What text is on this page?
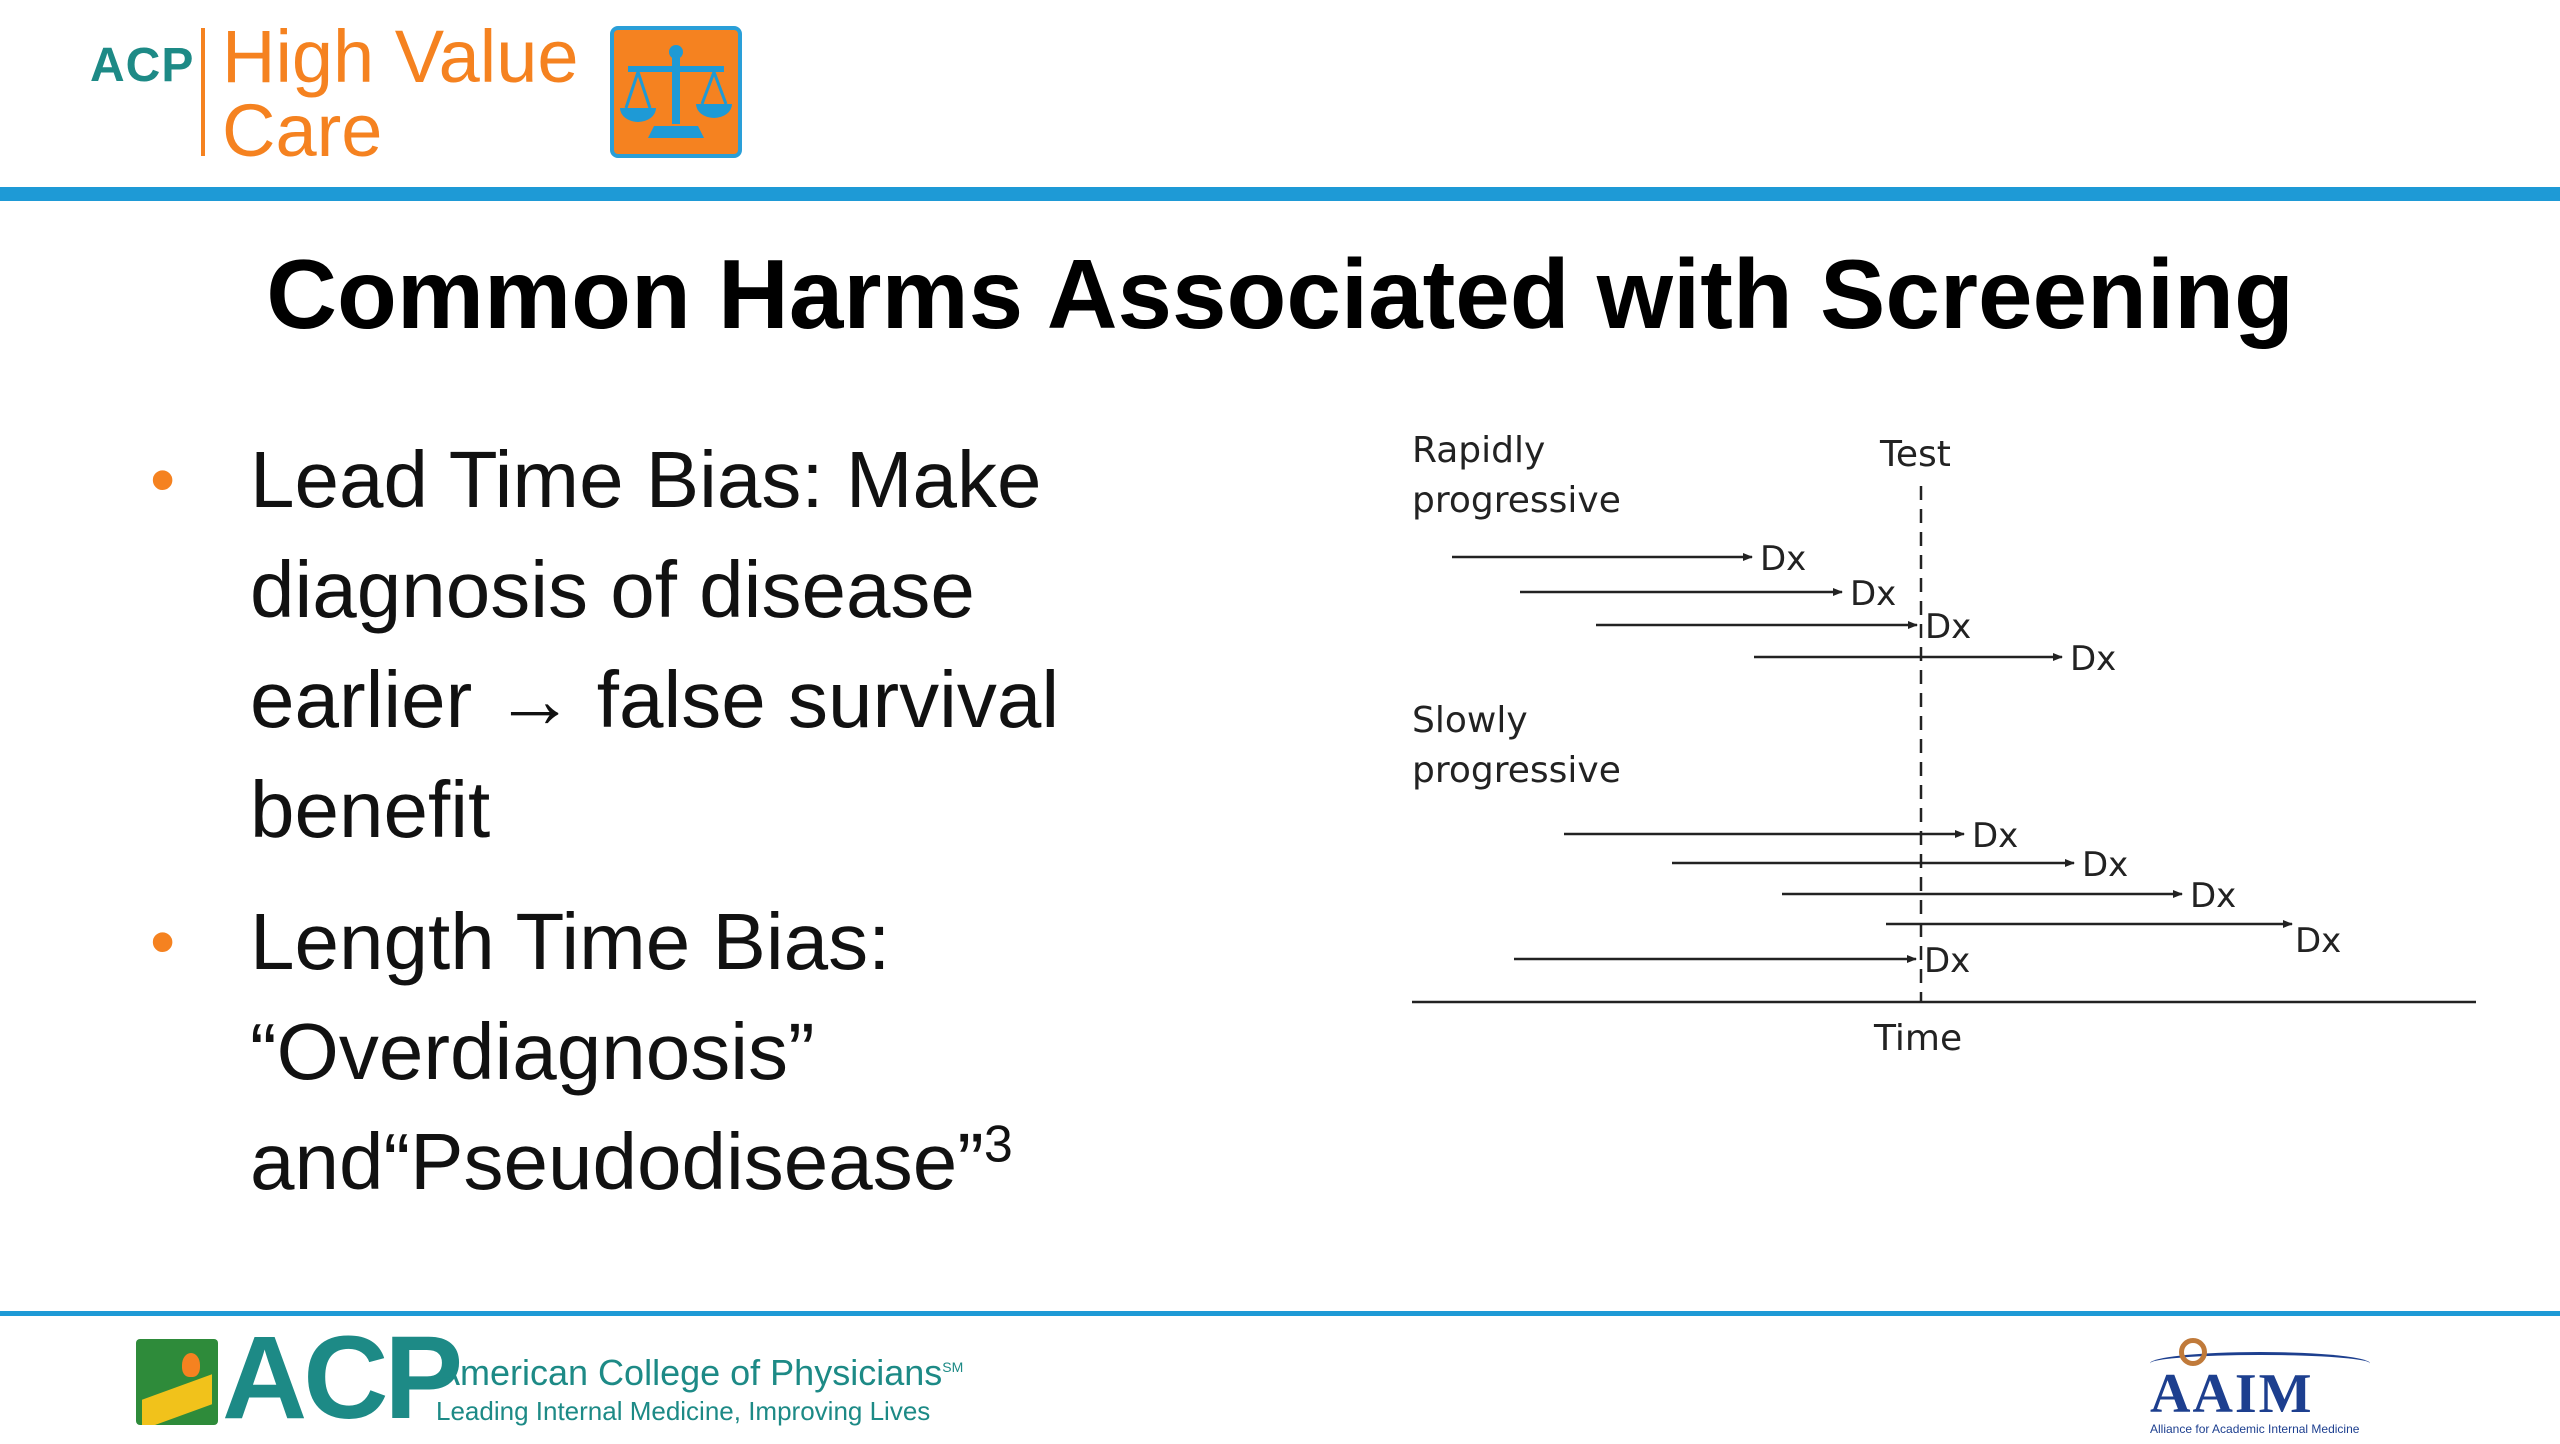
ACP High Value
Care
Common Harms Associated with Screening
• Lead Time Bias: Make diagnosis of disease earlier → false survival benefit
• Length Time Bias: “Overdiagnosis” and“Pseudodisease”$^3$
Rapidly
progressive
Slowly
progressive
Test
Dx
Dx
Dx
Dx
Dx
Dx
Dx
Dx
Dx
Time
ACP
American College of Physicians℠
Leading Internal Medicine, Improving Lives	AAIM
Alliance for Academic Internal Medicine
